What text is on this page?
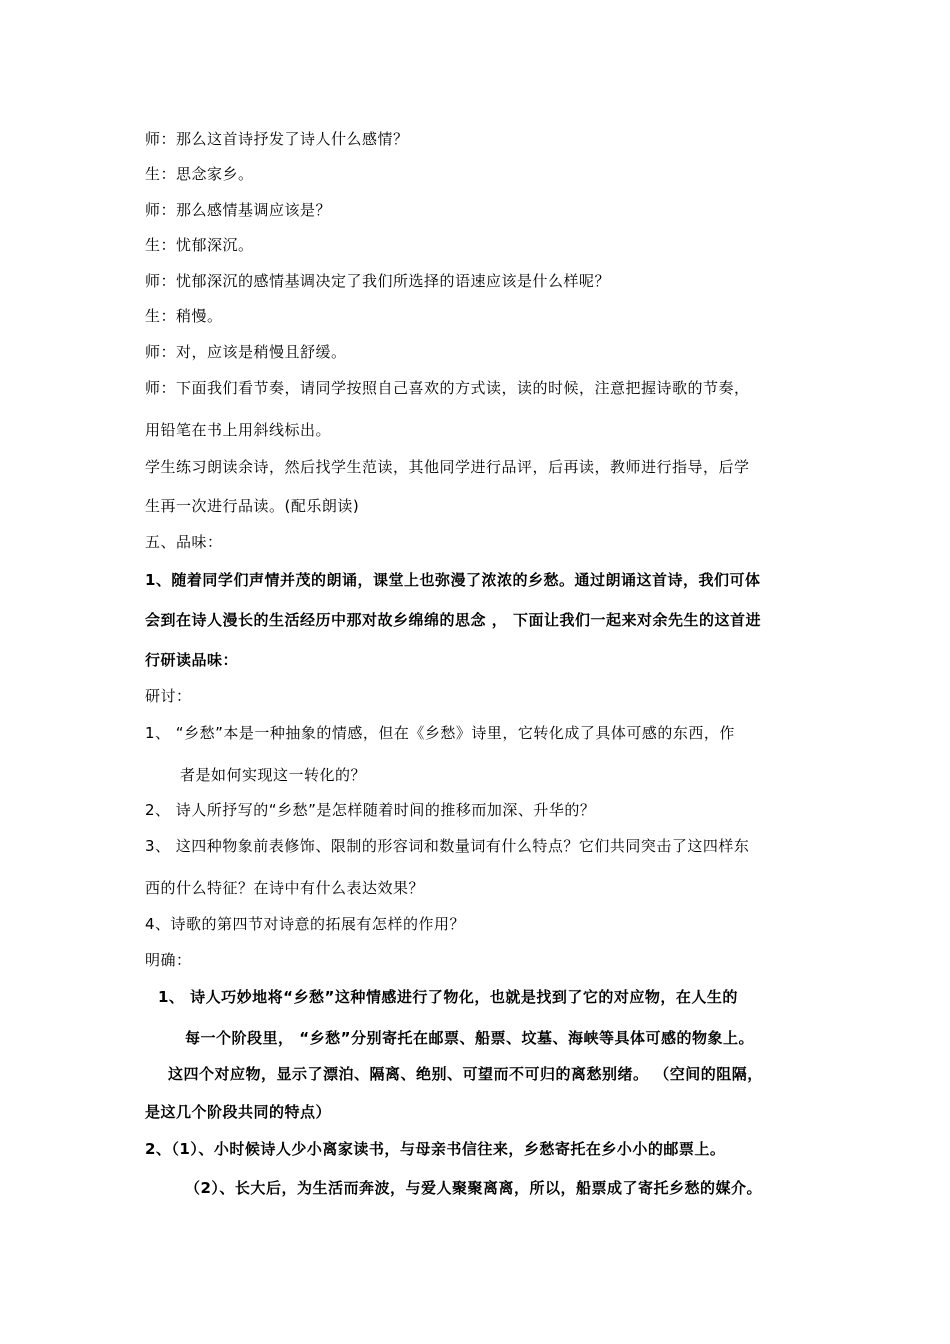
师：那么这首诗抒发了诗人什么感情？
生：思念家乡。
师：那么感情基调应该是？
生：忧郁深沉。
师：忧郁深沉的感情基调决定了我们所选择的语速应该是什么样呢？
生：稍慢。
师：对，应该是稍慢且舒缓。
师：下面我们看节奏，请同学按照自己喜欢的方式读，读的时候，注意把握诗歌的节奏，
用铅笔在书上用斜线标出。
学生练习朗读余诗，然后找学生范读，其他同学进行品评，后再读，教师进行指导，后学
生再一次进行品读。(配乐朗读)
五、品味：
1、随着同学们声情并茂的朗诵，课堂上也弥漫了浓浓的乡愁。通过朗诵这首诗，我们可体
会到在诗人漫长的生活经历中那对故乡绵绵的思念 ， 下面让我们一起来对余先生的这首进
行研读品味：
研讨：
1、 “乡愁”本是一种抽象的情感，但在《乡愁》诗里，它转化成了具体可感的东西，作
者是如何实现这一转化的？
2、 诗人所抒写的“乡愁”是怎样随着时间的推移而加深、升华的？
3、 这四种物象前表修饰、限制的形容词和数量词有什么特点？它们共同突击了这四样东
西的什么特征？在诗中有什么表达效果？
4、诗歌的第四节对诗意的拓展有怎样的作用？
明确：
1、 诗人巧妙地将“乡愁”这种情感进行了物化，也就是找到了它的对应物，在人生的
每一个阶段里， “乡愁”分别寄托在邮票、船票、坟墓、海峡等具体可感的物象上。
这四个对应物，显示了漂泊、隔离、绝别、可望而不可归的离愁别绪。 （空间的阻隔，
是这几个阶段共同的特点）
2、（1）、小时候诗人少小离家读书，与母亲书信往来，乡愁寄托在乡小小的邮票上。
（2）、长大后，为生活而奔波，与爱人聚聚离离，所以，船票成了寄托乡愁的媒介。
